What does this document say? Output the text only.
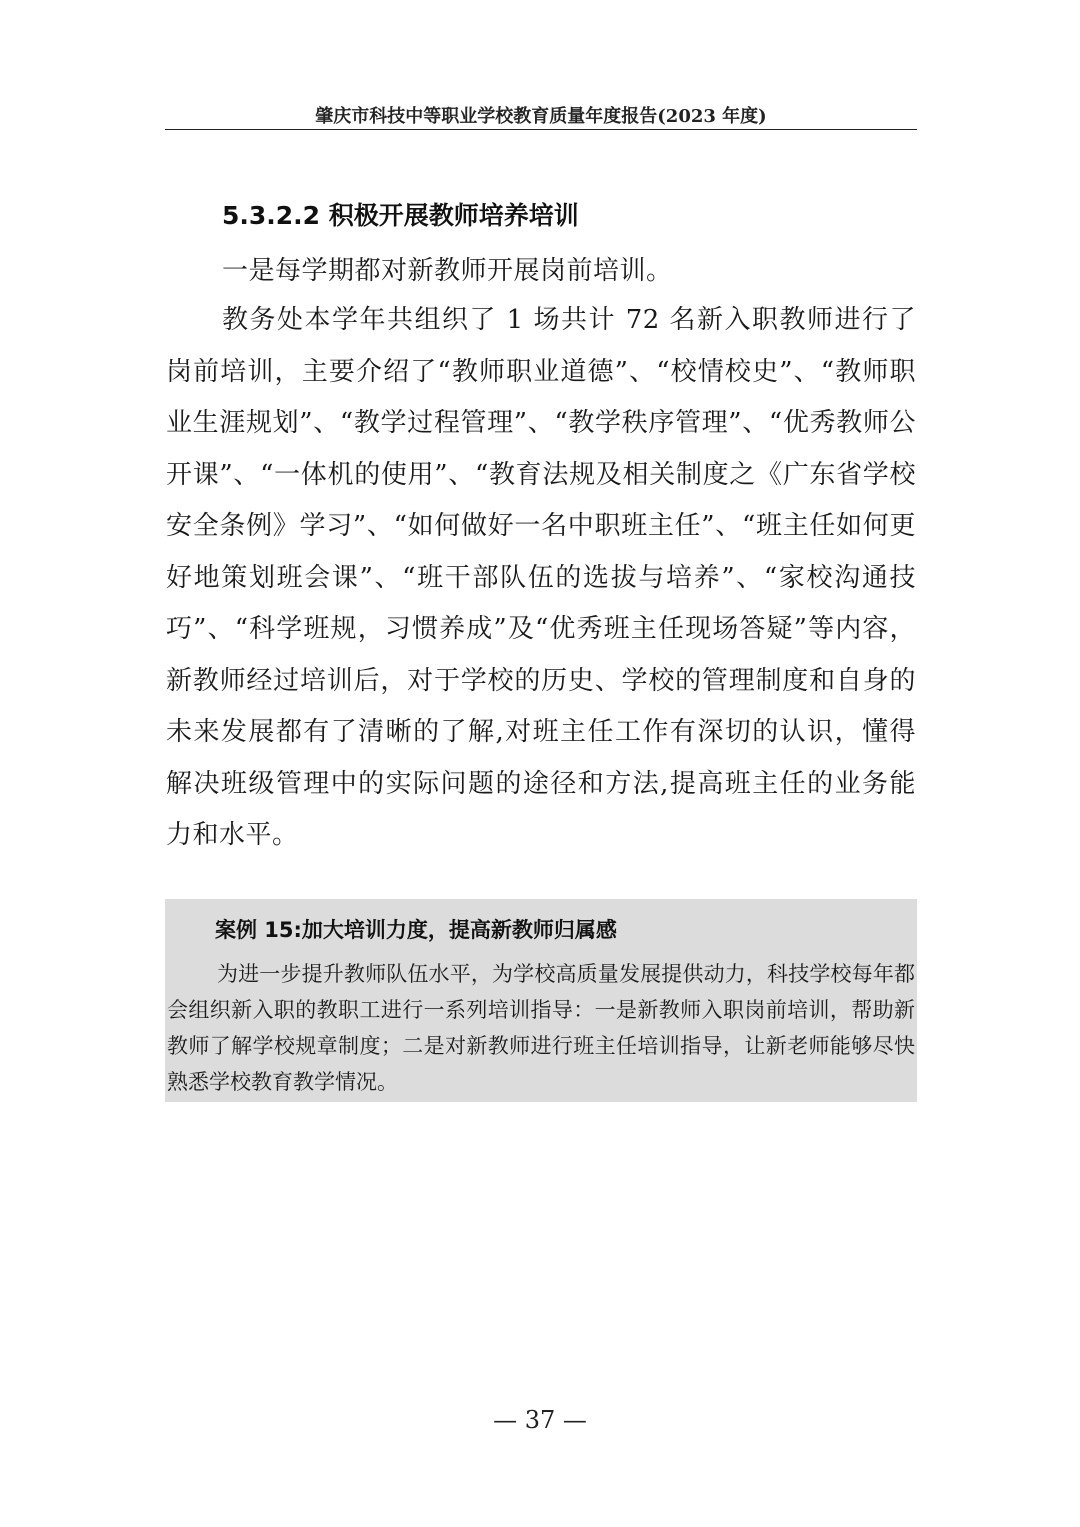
肇庆市科技中等职业学校教育质量年度报告(2023 年度)
5.3.2.2 积极开展教师培养培训
一是每学期都对新教师开展岗前培训。
教务处本学年共组织了 1 场共计 72 名新入职教师进行了岗前培训，主要介绍了“教师职业道德”、“校情校史”、“教师职业生涯规划”、“教学过程管理”、“教学秩序管理”、“优秀教师公开课”、“一体机的使用”、“教育法规及相关制度之《广东省学校安全条例》学习”、“如何做好一名中职班主任”、“班主任如何更好地策划班会课”、“班干部队伍的选拔与培养”、“家校沟通技巧”、“科学班规，习惯养成”及“优秀班主任现场答疑”等内容，新教师经过培训后，对于学校的历史、学校的管理制度和自身的未来发展都有了清晰的了解,对班主任工作有深切的认识，懂得解决班级管理中的实际问题的途径和方法,提高班主任的业务能力和水平。
案例 15:加大培训力度，提高新教师归属感
为进一步提升教师队伍水平，为学校高质量发展提供动力，科技学校每年都会组织新入职的教职工进行一系列培训指导：一是新教师入职岗前培训，帮助新教师了解学校规章制度；二是对新教师进行班主任培训指导，让新老师能够尽快熟悉学校教育教学情况。
— 37 —
